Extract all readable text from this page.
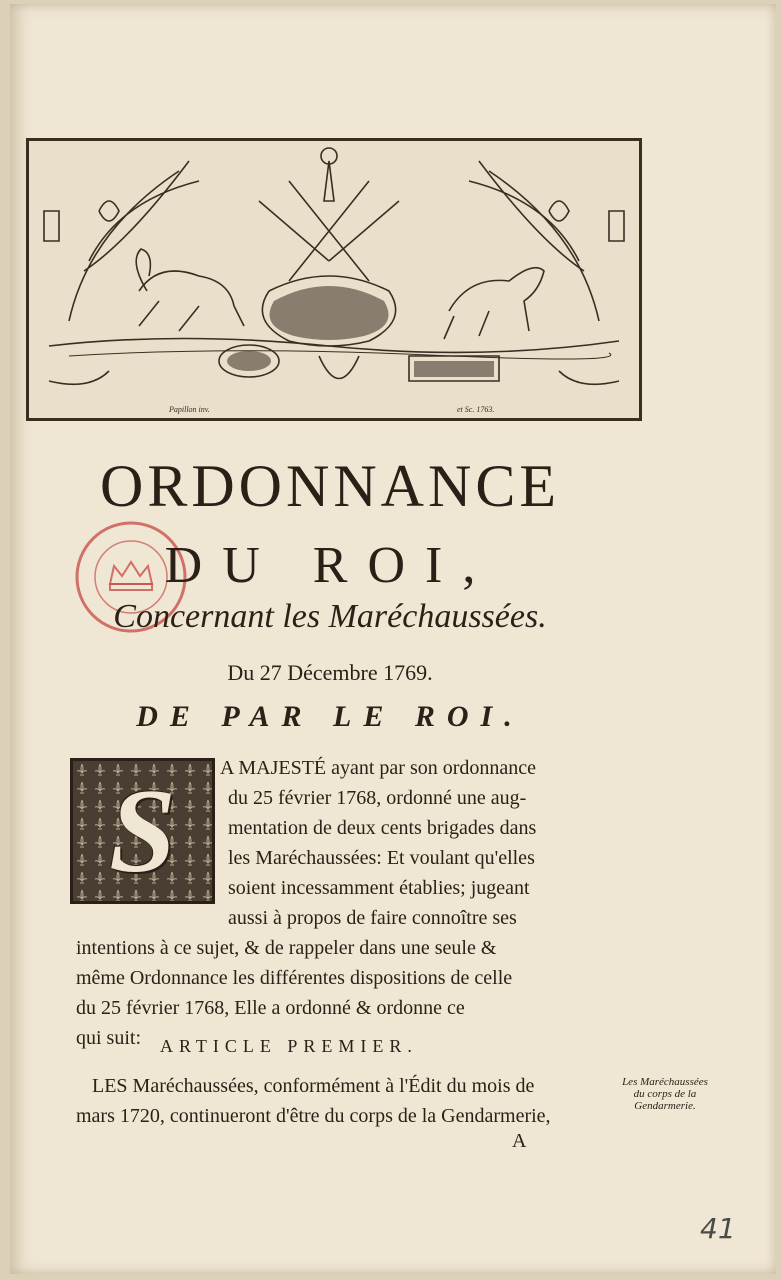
Papillon inv.	et Sc. 1763.
ORDONNANCE
DU ROI,
Concernant les Maréchaussées.
Du 27 Décembre 1769.
DE PAR LE ROI.
S	A MAJESTÉ ayant par son ordonnance
du 25 février 1768, ordonné une aug-
mentation de deux cents brigades dans
les Maréchaussées: Et voulant qu'elles
soient incessamment établies; jugeant
aussi à propos de faire connoître ses
intentions à ce sujet, & de rappeler dans une seule &
même Ordonnance les différentes dispositions de celle
du 25 février 1768, Elle a ordonné & ordonne ce
qui suit: ARTICLE PREMIER.
LES Maréchaussées, conformément à l'Édit du mois de
mars 1720, continueront d'être du corps de la Gendarmerie,
Les Maréchaussées
du corps de la
Gendarmerie.
A
41
